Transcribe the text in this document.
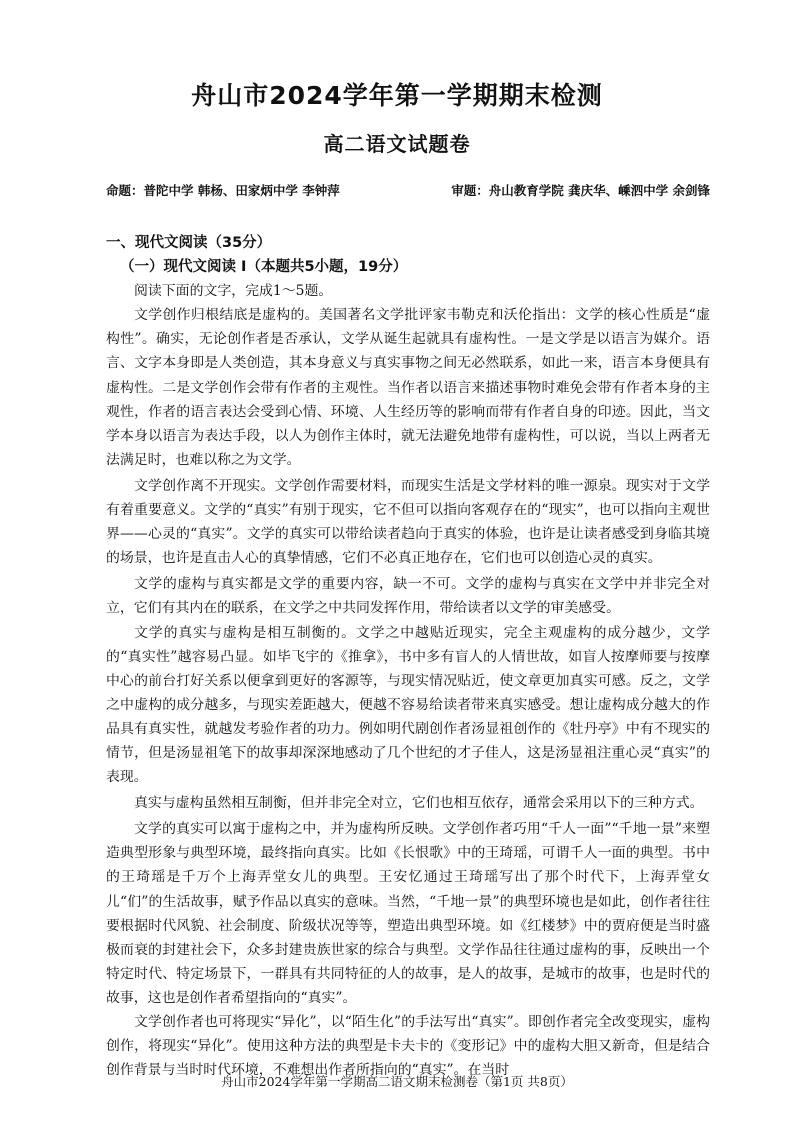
舟山市2024学年第一学期期末检测
高二语文试题卷
命题：普陀中学 韩杨、田家炳中学 李钟萍	审题：舟山教育学院 龚庆华、嵊泗中学 余剑锋

一、现代文阅读（35分）

（一）现代文阅读 I（本题共5小题，19分）

阅读下面的文字，完成1～5题。

文学创作归根结底是虚构的。美国著名文学批评家韦勒克和沃伦指出：文学的核心性质是“虚构性”。确实，无论创作者是否承认，文学从诞生起就具有虚构性。一是文学是以语言为媒介。语言、文字本身即是人类创造，其本身意义与真实事物之间无必然联系，如此一来，语言本身便具有虚构性。二是文学创作会带有作者的主观性。当作者以语言来描述事物时难免会带有作者本身的主观性，作者的语言表达会受到心情、环境、人生经历等的影响而带有作者自身的印迹。因此，当文学本身以语言为表达手段，以人为创作主体时，就无法避免地带有虚构性，可以说，当以上两者无法满足时，也难以称之为文学。

文学创作离不开现实。文学创作需要材料，而现实生活是文学材料的唯一源泉。现实对于文学有着重要意义。文学的“真实”有别于现实，它不但可以指向客观存在的“现实”，也可以指向主观世界——心灵的“真实”。文学的真实可以带给读者趋向于真实的体验，也许是让读者感受到身临其境的场景，也许是直击人心的真挚情感，它们不必真正地存在，它们也可以创造心灵的真实。

文学的虚构与真实都是文学的重要内容，缺一不可。文学的虚构与真实在文学中并非完全对立，它们有其内在的联系，在文学之中共同发挥作用，带给读者以文学的审美感受。

文学的真实与虚构是相互制衡的。文学之中越贴近现实，完全主观虚构的成分越少，文学的“真实性”越容易凸显。如毕飞宇的《推拿》，书中多有盲人的人情世故，如盲人按摩师要与按摩中心的前台打好关系以便拿到更好的客源等，与现实情况贴近，使文章更加真实可感。反之，文学之中虚构的成分越多，与现实差距越大，便越不容易给读者带来真实感受。想让虚构成分越大的作品具有真实性，就越发考验作者的功力。例如明代剧创作者汤显祖创作的《牡丹亭》中有不现实的情节，但是汤显祖笔下的故事却深深地感动了几个世纪的才子佳人，这是汤显祖注重心灵“真实”的表现。

真实与虚构虽然相互制衡，但并非完全对立，它们也相互依存，通常会采用以下的三种方式。

文学的真实可以寓于虚构之中，并为虚构所反映。文学创作者巧用“千人一面”“千地一景”来塑造典型形象与典型环境，最终指向真实。比如《长恨歌》中的王琦瑶，可谓千人一面的典型。书中的王琦瑶是千万个上海弄堂女儿的典型。王安忆通过王琦瑶写出了那个时代下，上海弄堂女儿“们”的生活故事，赋予作品以真实的意味。当然，“千地一景”的典型环境也是如此，创作者往往要根据时代风貌、社会制度、阶级状况等等，塑造出典型环境。如《红楼梦》中的贾府便是当时盛极而衰的封建社会下，众多封建贵族世家的综合与典型。文学作品往往通过虚构的事，反映出一个特定时代、特定场景下，一群具有共同特征的人的故事，是人的故事，是城市的故事，也是时代的故事，这也是创作者希望指向的“真实”。

文学创作者也可将现实“异化”，以“陌生化”的手法写出“真实”。即创作者完全改变现实，虚构创作，将现实“异化”。使用这种方法的典型是卡夫卡的《变形记》中的虚构大胆又新奇，但是结合创作背景与当时时代环境，不难想出作者所指向的“真实”。在当时

舟山市2024学年第一学期高二语文期末检测卷（第1页 共8页）
